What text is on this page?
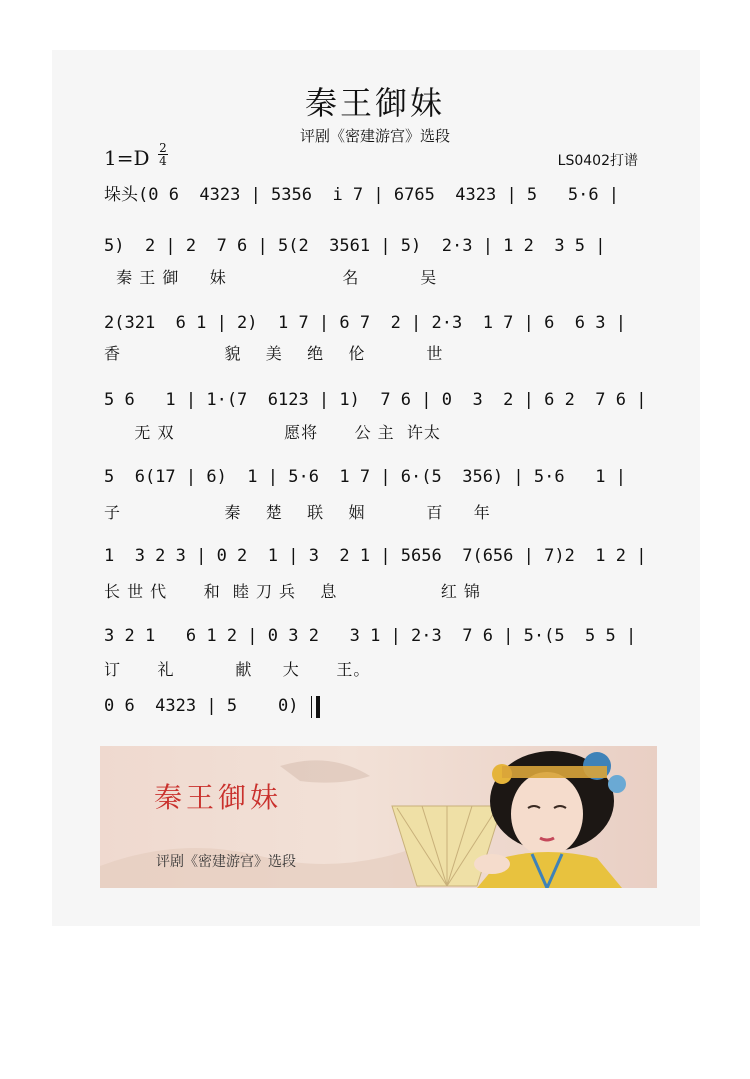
秦王御妹
评剧《密建游宫》选段
1=D 2
4	LS0402打谱
垛头(0 6  4323 | 5356  i 7 | 6765  4323 | 5   5·6 |
5)  2 | 2  7 6 | 5(2  3561 | 5)  2·3 | 1 2  3 5 |
秦 王 御     妹                   名          吴
2(321  6 1 | 2)  1 7 | 6 7  2 | 2·3  1 7 | 6  6 3 |
香                 貌    美    绝    伦          世
5 6   1 | 1·(7  6123 | 1)  7 6 | 0  3  2 | 6 2  7 6 |
无 双                  愿将      公 主  许太
5  6(17 | 6)  1 | 5·6  1 7 | 6·(5  356) | 5·6   1 |
子                 秦    楚    联    姻          百     年
1  3 2 3 | 0 2  1 | 3  2 1 | 5656  7(656 | 7)2  1 2 |
长 世 代      和  睦 刀 兵    息                 红 锦
3 2 1   6 1 2 | 0 3 2   3 1 | 2·3  7 6 | 5·(5  5 5 |
订      礼          献     大      王。
0 6  4323 | 5    0)
秦王御妹
评剧《密建游宫》选段
